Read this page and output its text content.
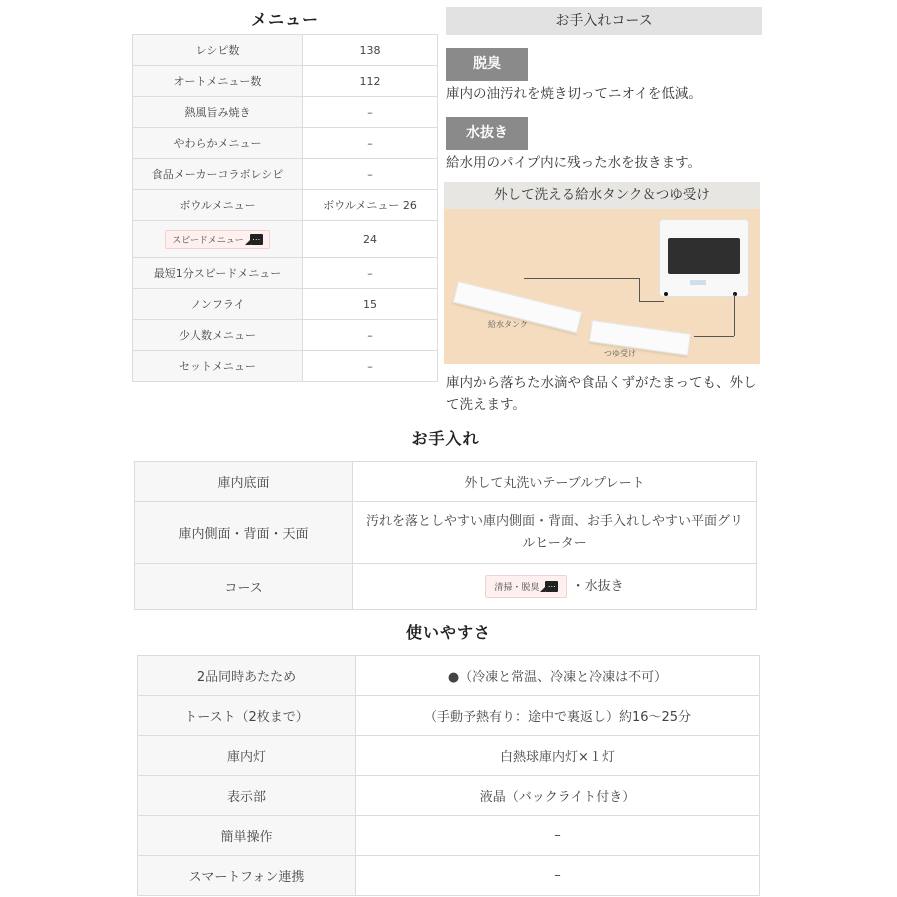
メニュー
レシピ数	138
オートメニュー数	112
熱風旨み焼き	–
やわらかメニュー	–
食品メーカーコラボレシピ	–
ボウルメニュー	ボウルメニュー 26

スピードメニュー …	24
最短1分スピードメニュー	–
ノンフライ	15
少人数メニュー	–
セットメニュー	–
お手入れコース
脱臭
庫内の油汚れを焼き切ってニオイを低減。
水抜き
給水用のパイプ内に残った水を抜きます。
外して洗える給水タンク＆つゆ受け
給水タンク
つゆ受け
庫内から落ちた水滴や食品くずがたまっても、外して洗えます。
お手入れ
庫内底面	外して丸洗いテーブルプレート
庫内側面・背面・天面	汚れを落としやすい庫内側面・背面、お手入れしやすい平面グリルヒーター
コース	清掃・脱臭 … ・水抜き
使いやすさ
2品同時あたため	●（冷凍と常温、冷凍と冷凍は不可）
トースト（2枚まで）	（手動予熱有り：途中で裏返し）約16～25分
庫内灯	白熱球庫内灯×１灯
表示部	液晶（バックライト付き）
簡単操作	–
スマートフォン連携	–
